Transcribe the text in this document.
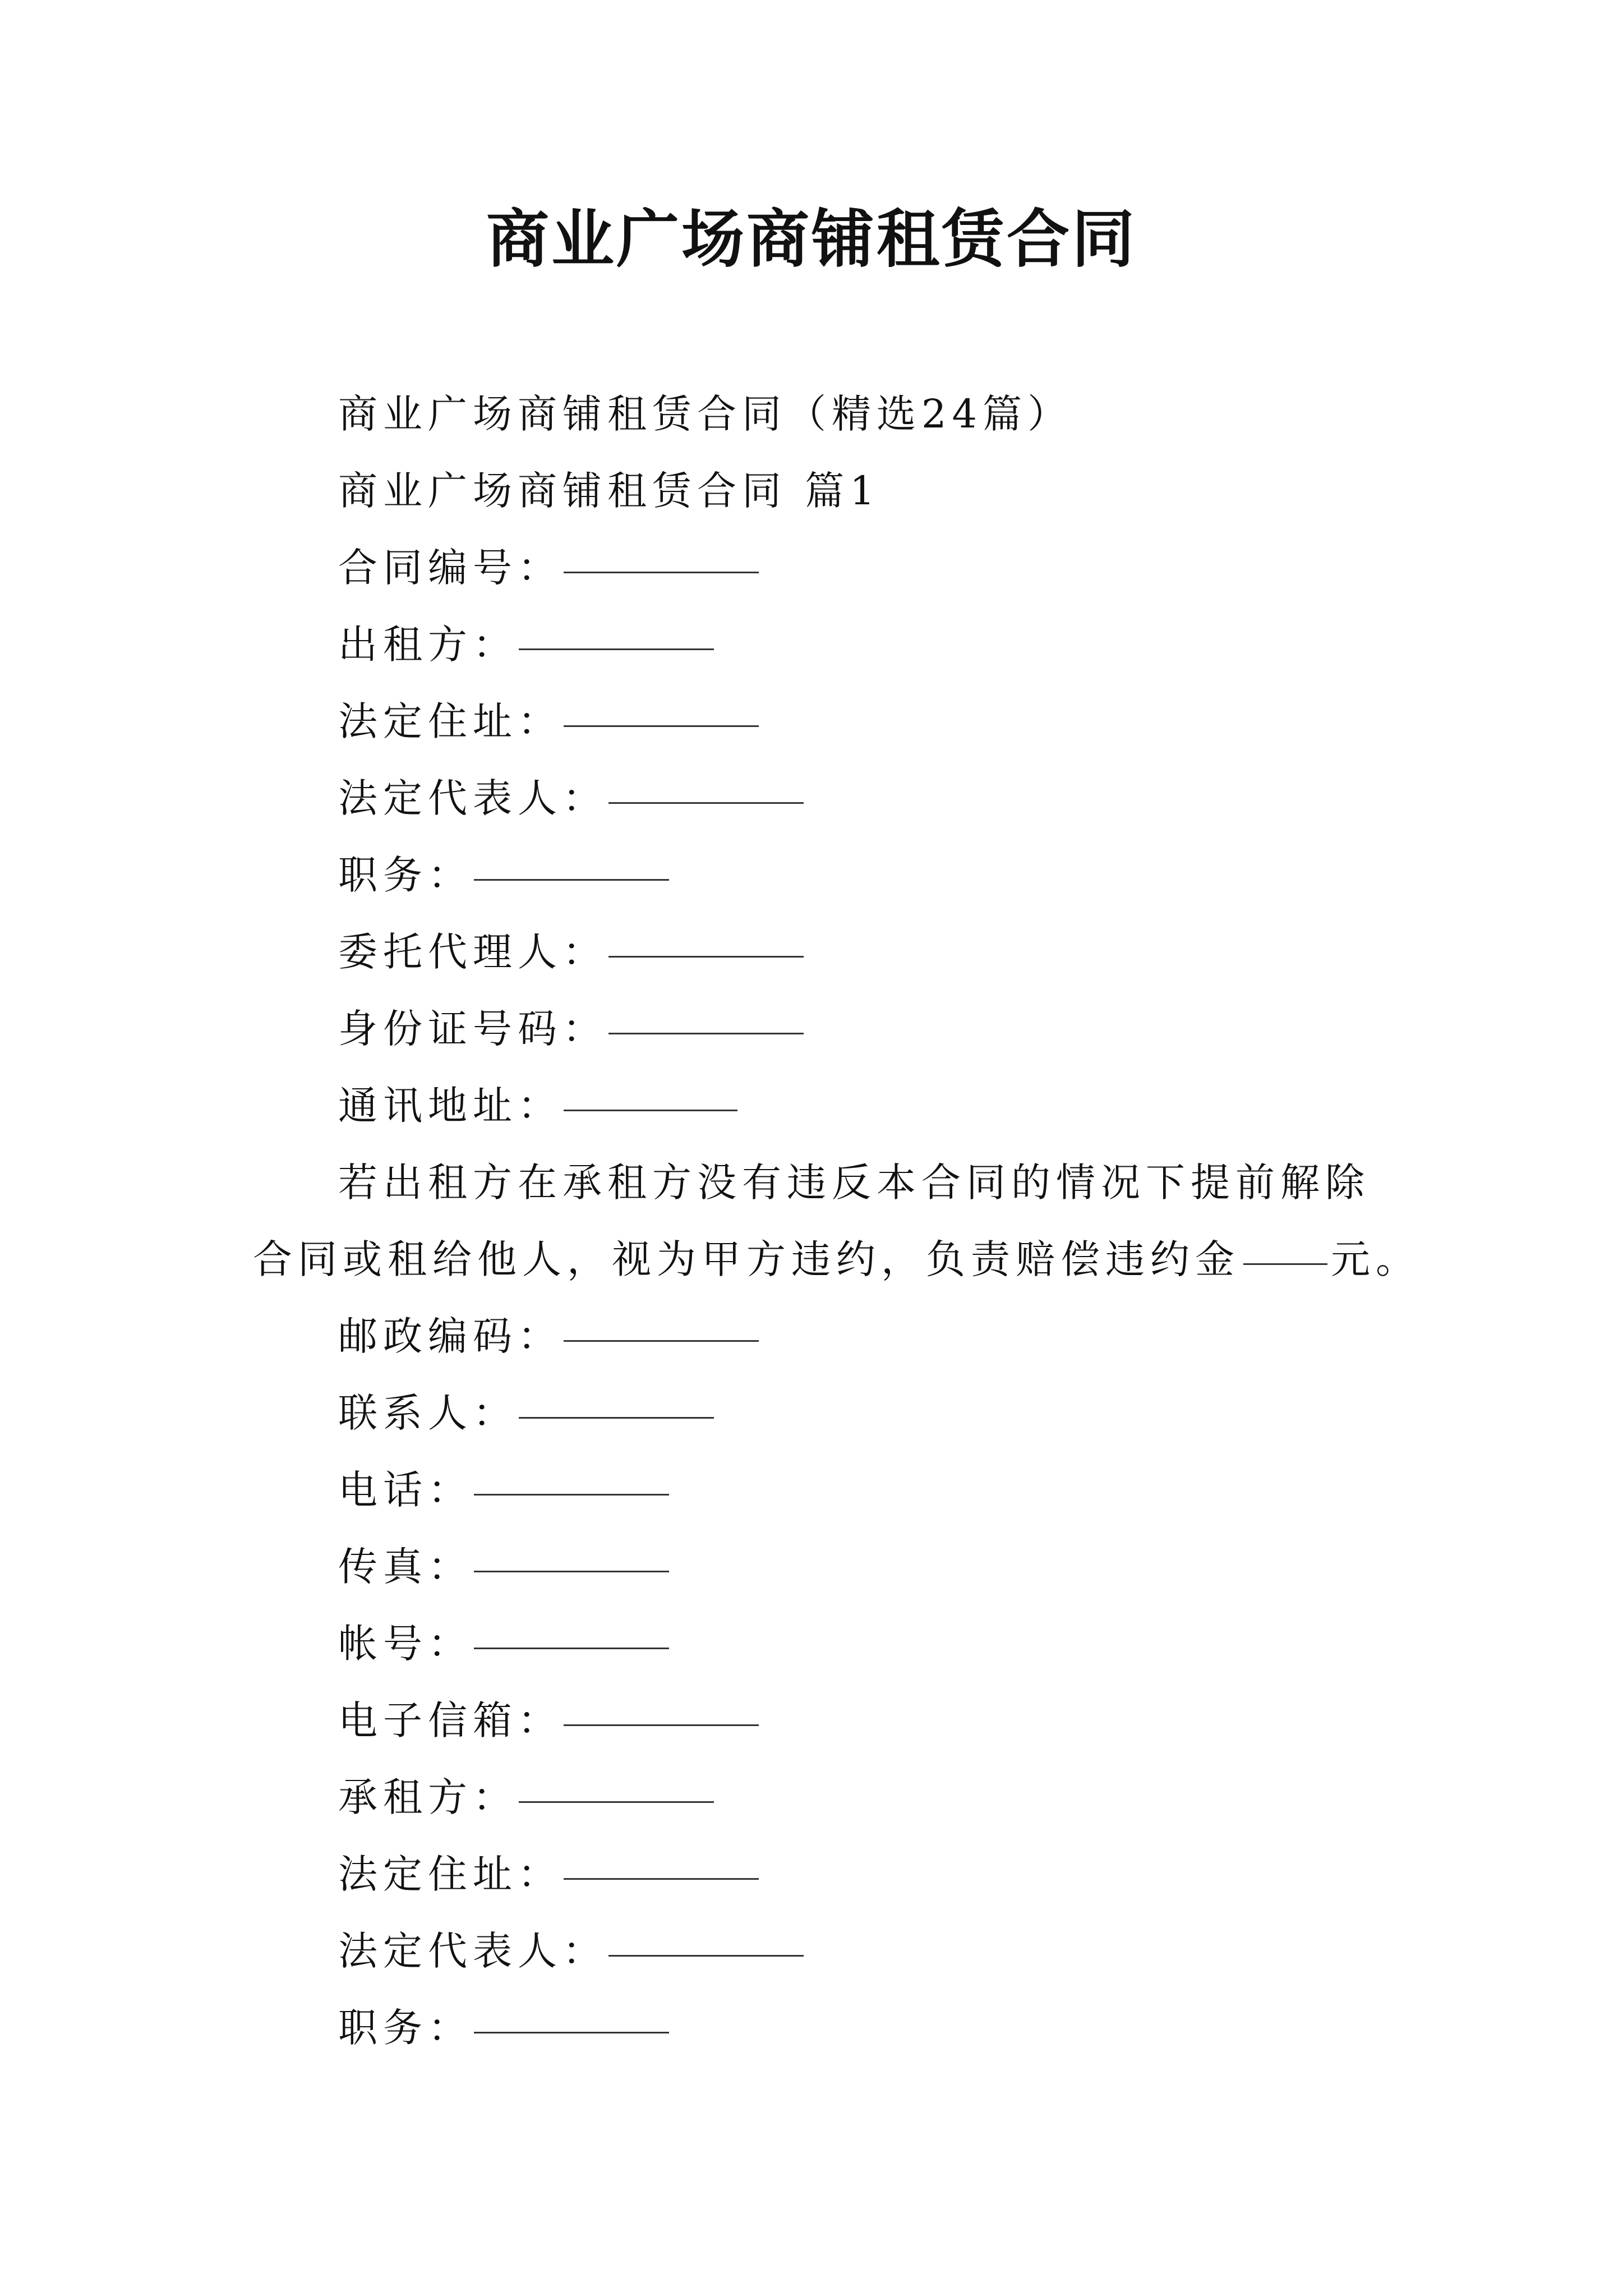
商业广场商铺租赁合同
商业广场商铺租赁合同（精选24篇）
商业广场商铺租赁合同 篇1
合同编号：
出租方：
法定住址：
法定代表人：
职务：
委托代理人：
身份证号码：
通讯地址：
若出租方在承租方没有违反本合同的情况下提前解除
合同或租给他人，视为甲方违约，负责赔偿违约金 元。
邮政编码：
联系人：
电话：
传真：
帐号：
电子信箱：
承租方：
法定住址：
法定代表人：
职务：
